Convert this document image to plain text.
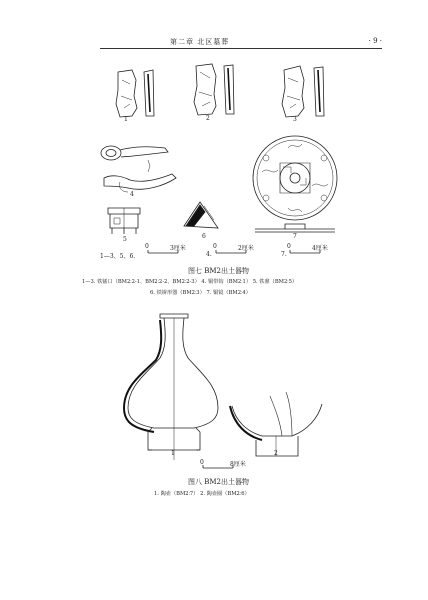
第二章 北区墓葬	· 9 ·
1	2	3
4
5	6	7
1—3、5、6.
0	3厘米
4.
0	2厘米
7.
0	4厘米
图七 BM2出土器物
1—3. 铁锸口（BM2∶2-1、BM2∶2-2、BM2∶2-3） 4. 铜带钩（BM2∶1） 5. 铁鼎（BM2∶5）
6. 铁锛形器（BM2∶3） 7. 铜镜（BM2∶4）
1	2
0	8厘米
图八 BM2出土器物
1. 陶壶（BM2∶7） 2. 陶壶圈（BM2∶6）
